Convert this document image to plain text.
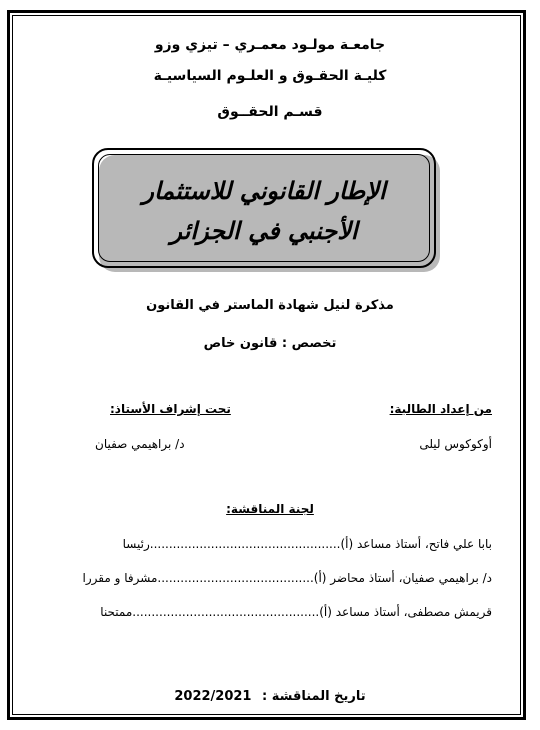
جامعـة مولـود معمـري – تيزي وزو
كليـة الحقـوق و العلـوم السياسيـة
قسـم الحقــوق
الإطار القانوني للاستثمار
الأجنبي في الجزائر
مذكرة لنيل شهادة الماستر في القانون
تخصص : قانون خاص
من إعداد الطالبة:
تحت إشراف الأستاذ:
أوكوكوس ليلى
د/ براهيمي صفيان
لجنة المناقشة:
بابا علي فاتح، أستاذ مساعد (أ)..................................................رئيسا
د/ براهيمي صفيان، أستاذ محاضر (أ).........................................مشرفا و مقررا
قريمش مصطفى، أستاذ مساعد (أ).................................................ممتحنا
تاريخ المناقشة : 2022/2021
